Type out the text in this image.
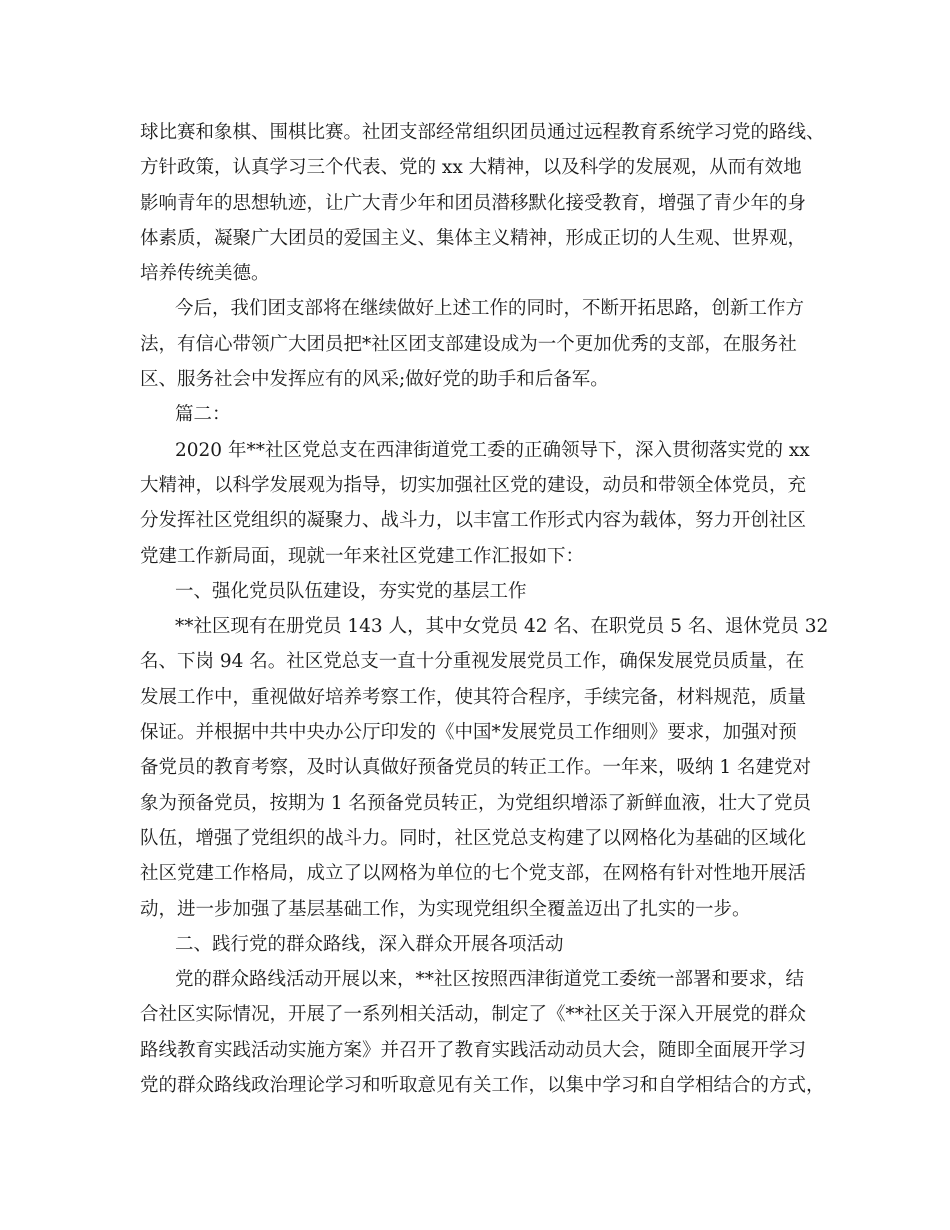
球比赛和象棋、围棋比赛。社团支部经常组织团员通过远程教育系统学习党的路线、
方针政策，认真学习三个代表、党的 xx 大精神，以及科学的发展观，从而有效地
影响青年的思想轨迹，让广大青少年和团员潜移默化接受教育，增强了青少年的身
体素质，凝聚广大团员的爱国主义、集体主义精神，形成正切的人生观、世界观，
培养传统美德。
今后，我们团支部将在继续做好上述工作的同时，不断开拓思路，创新工作方
法，有信心带领广大团员把*社区团支部建设成为一个更加优秀的支部，在服务社
区、服务社会中发挥应有的风采;做好党的助手和后备军。
篇二：
2020 年**社区党总支在西津街道党工委的正确领导下，深入贯彻落实党的 xx
大精神，以科学发展观为指导，切实加强社区党的建设，动员和带领全体党员，充
分发挥社区党组织的凝聚力、战斗力，以丰富工作形式内容为载体，努力开创社区
党建工作新局面，现就一年来社区党建工作汇报如下：
一、强化党员队伍建设，夯实党的基层工作
**社区现有在册党员 143 人，其中女党员 42 名、在职党员 5 名、退休党员 32
名、下岗 94 名。社区党总支一直十分重视发展党员工作，确保发展党员质量，在
发展工作中，重视做好培养考察工作，使其符合程序，手续完备，材料规范，质量
保证。并根据中共中央办公厅印发的《中国*发展党员工作细则》要求，加强对预
备党员的教育考察，及时认真做好预备党员的转正工作。一年来，吸纳 1 名建党对
象为预备党员，按期为 1 名预备党员转正，为党组织增添了新鲜血液，壮大了党员
队伍，增强了党组织的战斗力。同时，社区党总支构建了以网格化为基础的区域化
社区党建工作格局，成立了以网格为单位的七个党支部，在网格有针对性地开展活
动，进一步加强了基层基础工作，为实现党组织全覆盖迈出了扎实的一步。
二、践行党的群众路线，深入群众开展各项活动
党的群众路线活动开展以来，**社区按照西津街道党工委统一部署和要求，结
合社区实际情况，开展了一系列相关活动，制定了《**社区关于深入开展党的群众
路线教育实践活动实施方案》并召开了教育实践活动动员大会，随即全面展开学习
党的群众路线政治理论学习和听取意见有关工作，以集中学习和自学相结合的方式，
